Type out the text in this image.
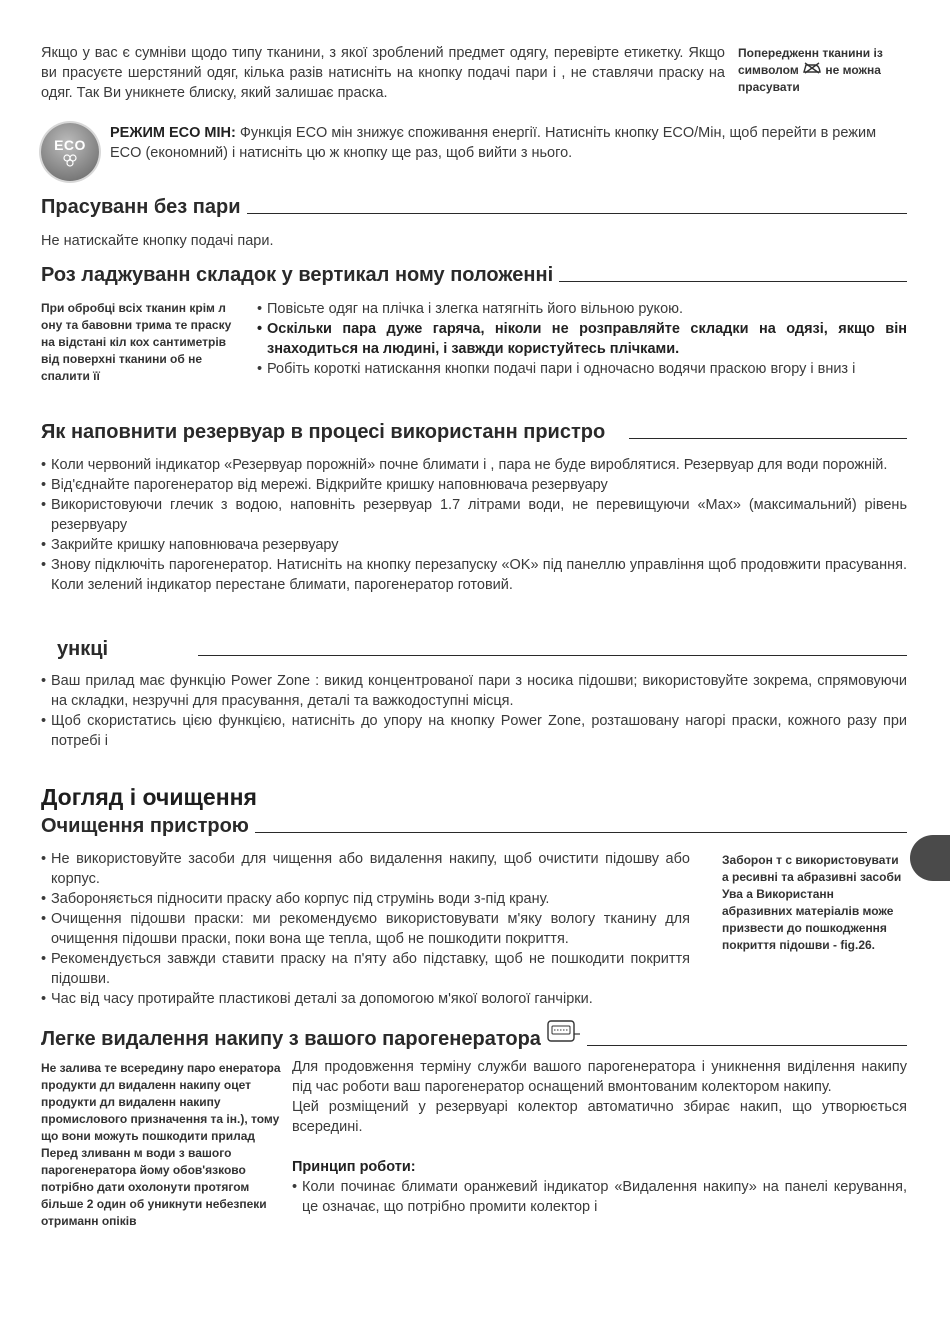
Якщо у вас є сумніви щодо типу тканини, з якої зроблений предмет одягу, перевірте етикетку. Якщо ви прасуєте шерстяний одяг, кілька разів натисніть на кнопку подачі пари і , не ставлячи праску на одяг. Так Ви уникнете блиску, який залишає праска.

Попередженн тканини із символом не можна прасувати
ECO

РЕЖИМ ECO МІН: Функція ECO мін знижує споживання енергії. Натисніть кнопку ECO/Мін, щоб перейти в режим ECO (економний) і натисніть цю ж кнопку ще раз, щоб вийти з нього.

Прасуванн без пари

Не натискайте кнопку подачі пари.

Роз ладжуванн складок у вертикал ному положенні
При обробці всіх тканин крім л ону та бавовни трима те праску на відстані кіл кох сантиметрів від поверхні тканини об не спалити її
• Повісьте одяг на плічка і злегка натягніть його вільною рукою.
• Оскільки пара дуже гаряча, ніколи не розправляйте складки на одязі, якщо він знаходиться на людині, і завжди користуйтесь плічками.
• Робіть короткі натискання кнопки подачі пари і одночасно водячи праскою вгору і вниз і
Як наповнити резервуар в процесі використанн пристро
• Коли червоний індикатор «Резервуар порожній» почне блимати і , пара не буде вироблятися. Резервуар для води порожній.
• Від'єднайте парогенератор від мережі. Відкрийте кришку наповнювача резервуару
• Використовуючи глечик з водою, наповніть резервуар 1.7 літрами води, не перевищуючи «Max» (максимальний) рівень резервуару
• Закрийте кришку наповнювача резервуару
• Знову підключіть парогенератор. Натисніть на кнопку перезапуску «OK» під панеллю управління щоб продовжити прасування. Коли зелений індикатор перестане блимати, парогенератор готовий.
ункці
• Ваш прилад має функцію Power Zone : викид концентрованої пари з носика підошви; використовуйте зокрема, спрямовуючи на складки, незручні для прасування, деталі та важкодоступні місця.
• Щоб скористатись цією функцією, натисніть до упору на кнопку Power Zone, розташовану нагорі праски, кожного разу при потребі і
Догляд і очищення
Очищення пристрою
• Не використовуйте засоби для чищення або видалення накипу, щоб очистити підошву або корпус.
• Забороняється підносити праску або корпус під струмінь води з-під крану.
• Очищення підошви праски: ми рекомендуємо використовувати м'яку вологу тканину для очищення підошви праски, поки вона ще тепла, щоб не пошкодити покриття.
• Рекомендується завжди ставити праску на п'яту або підставку, щоб не пошкодити покриття підошви.
• Час від часу протирайте пластикові деталі за допомогою м'якої вологої ганчірки.
Заборон т с використовувати а ресивні та абразивні засоби Ува а Використанн абразивних матеріалів може призвести до пошкодження покриття підошви - fig.26.
Легке видалення накипу з вашого парогенератора
Не залива те всередину паро енератора продукти дл видаленн накипу оцет продукти дл видаленн накипу промислового призначення та ін.), тому що вони можуть пошкодити прилад Перед зливанн м води з вашого парогенератора йому обов'язково потрібно дати охолонути протягом більше 2 один об уникнути небезпеки отриманн опіків

Для продовження терміну служби вашого парогенератора і уникнення виділення накипу під час роботи ваш парогенератор оснащений вмонтованим колектором накипу.

Цей розміщений у резервуарі колектор автоматично збирає накип, що утворюється всередині.

Принцип роботи:

• Коли починає блимати оранжевий індикатор «Видалення накипу» на панелі керування, це означає, що потрібно промити колектор і
